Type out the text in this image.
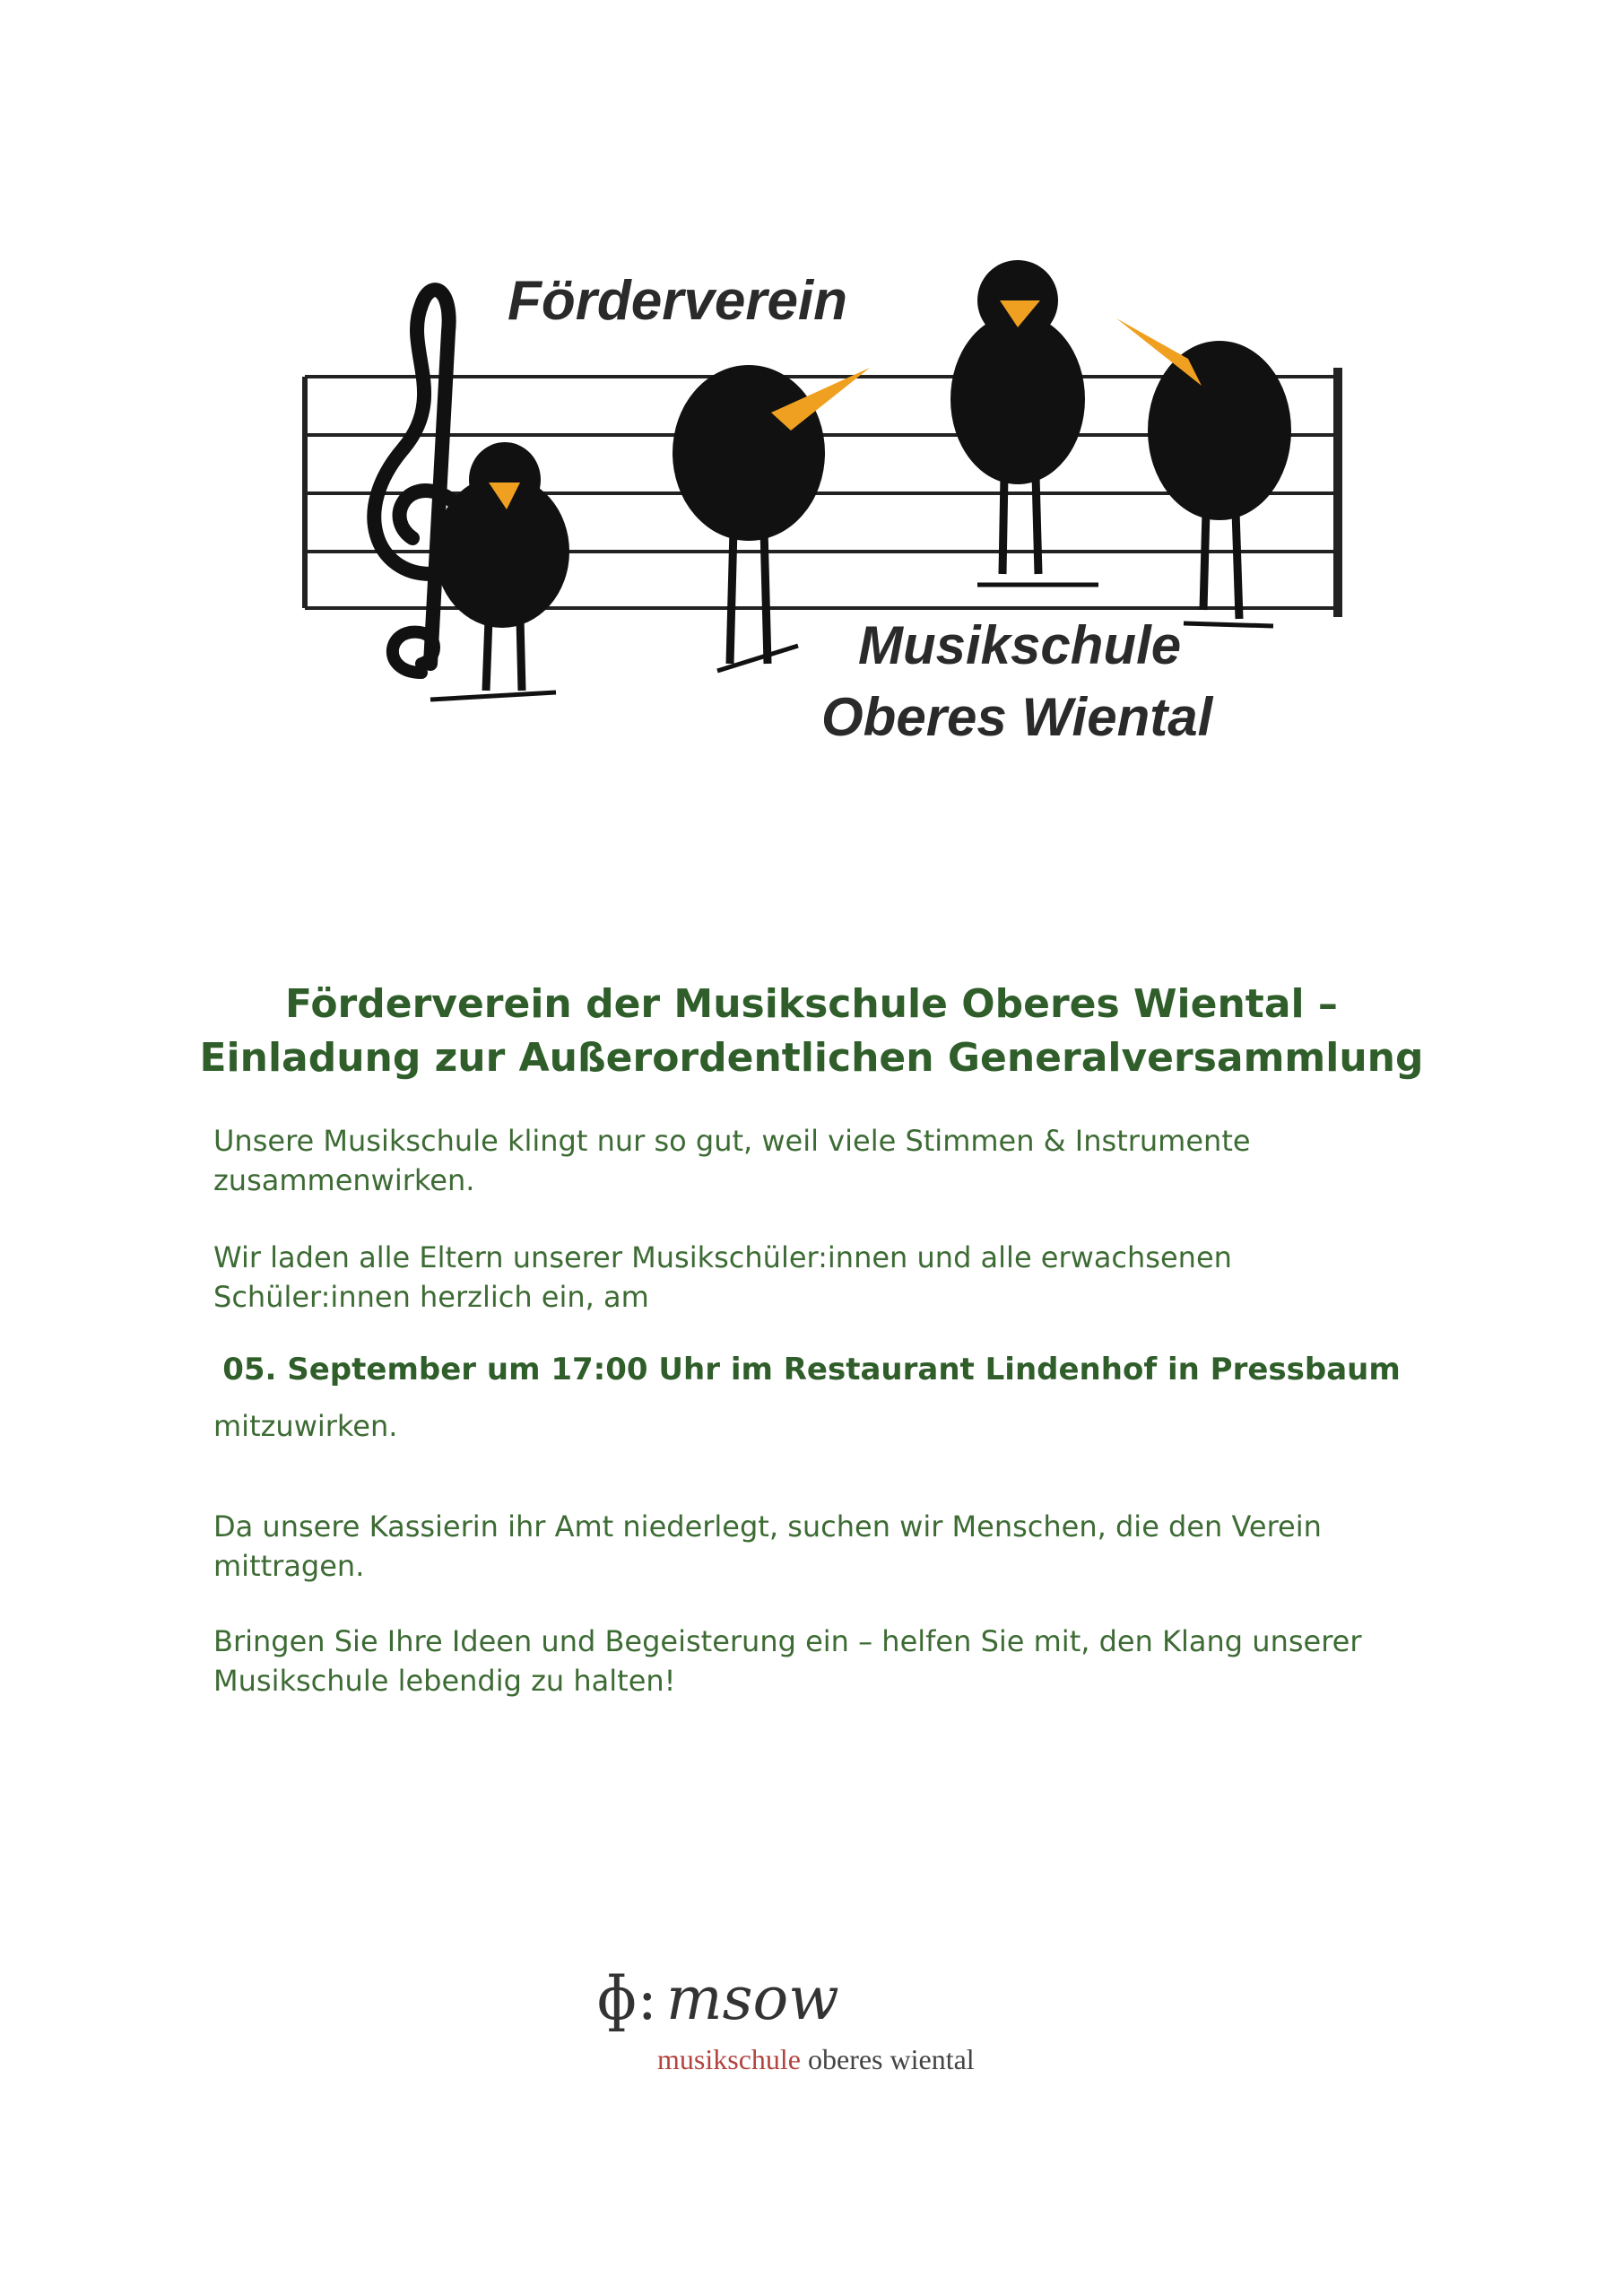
Förderverein
Musikschule
Oberes Wiental
Förderverein der Musikschule Oberes Wiental –
Einladung zur Außerordentlichen Generalversammlung
Unsere Musikschule klingt nur so gut, weil viele Stimmen & Instrumente zusammenwirken.
Wir laden alle Eltern unserer Musikschüler:innen und alle erwachsenen Schüler:innen herzlich ein, am
05. September um 17:00 Uhr im Restaurant Lindenhof in Pressbaum
mitzuwirken.
Da unsere Kassierin ihr Amt niederlegt, suchen wir Menschen, die den Verein mittragen.
Bringen Sie Ihre Ideen und Begeisterung ein – helfen Sie mit, den Klang unserer Musikschule lebendig zu halten!
ɸ: msow
musikschule oberes wiental
